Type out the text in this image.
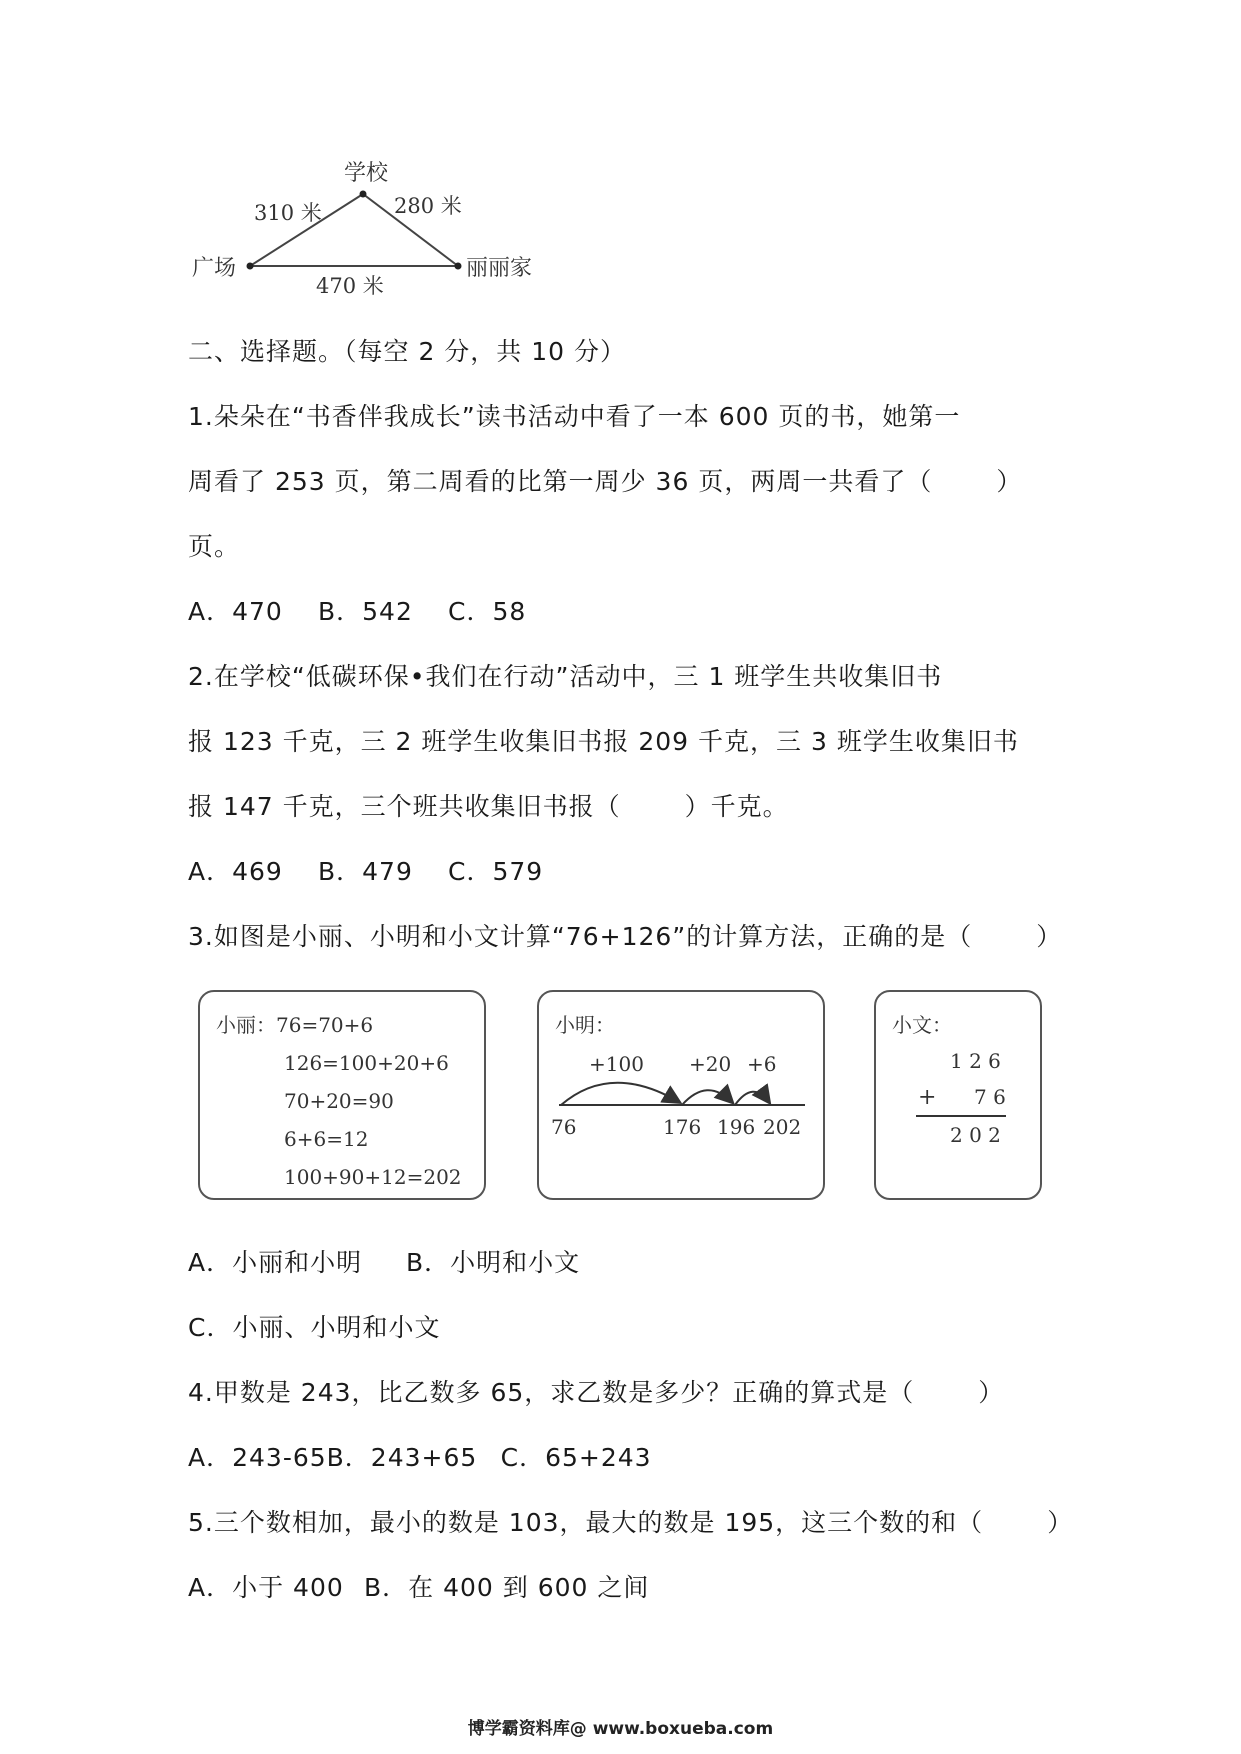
学校
广场	丽丽家
310 米	280 米
470 米
二、选择题。（每空 2 分，共 10 分）
1.朵朵在“书香伴我成长”读书活动中看了一本 600 页的书，她第一
周看了 253 页，第二周看的比第一周少 36 页，两周一共看了（	）
页。
A．470 B．542 C．58
2.在学校“低碳环保•我们在行动”活动中，三 1 班学生共收集旧书
报 123 千克，三 2 班学生收集旧书报 209 千克，三 3 班学生收集旧书
报 147 千克，三个班共收集旧书报（	）千克。
A．469 B．479 C．579
3.如图是小丽、小明和小文计算“76+126”的计算方法，正确的是（	）
小丽：76=70+6
126=100+20+6
70+20=90
6+6=12
100+90+12=202
小明：
+100 +20 +6
76	176 196 202
小文：
1 2 6
+ 7 6
2 0 2
A．小丽和小明 B．小明和小文
C．小丽、小明和小文
4.甲数是 243，比乙数多 65，求乙数是多少？正确的算式是（	）
A．243-65B．243+65 C．65+243
5.三个数相加，最小的数是 103，最大的数是 195，这三个数的和（	）
A．小于 400 B．在 400 到 600 之间
博学霸资料库@ www.boxueba.com
